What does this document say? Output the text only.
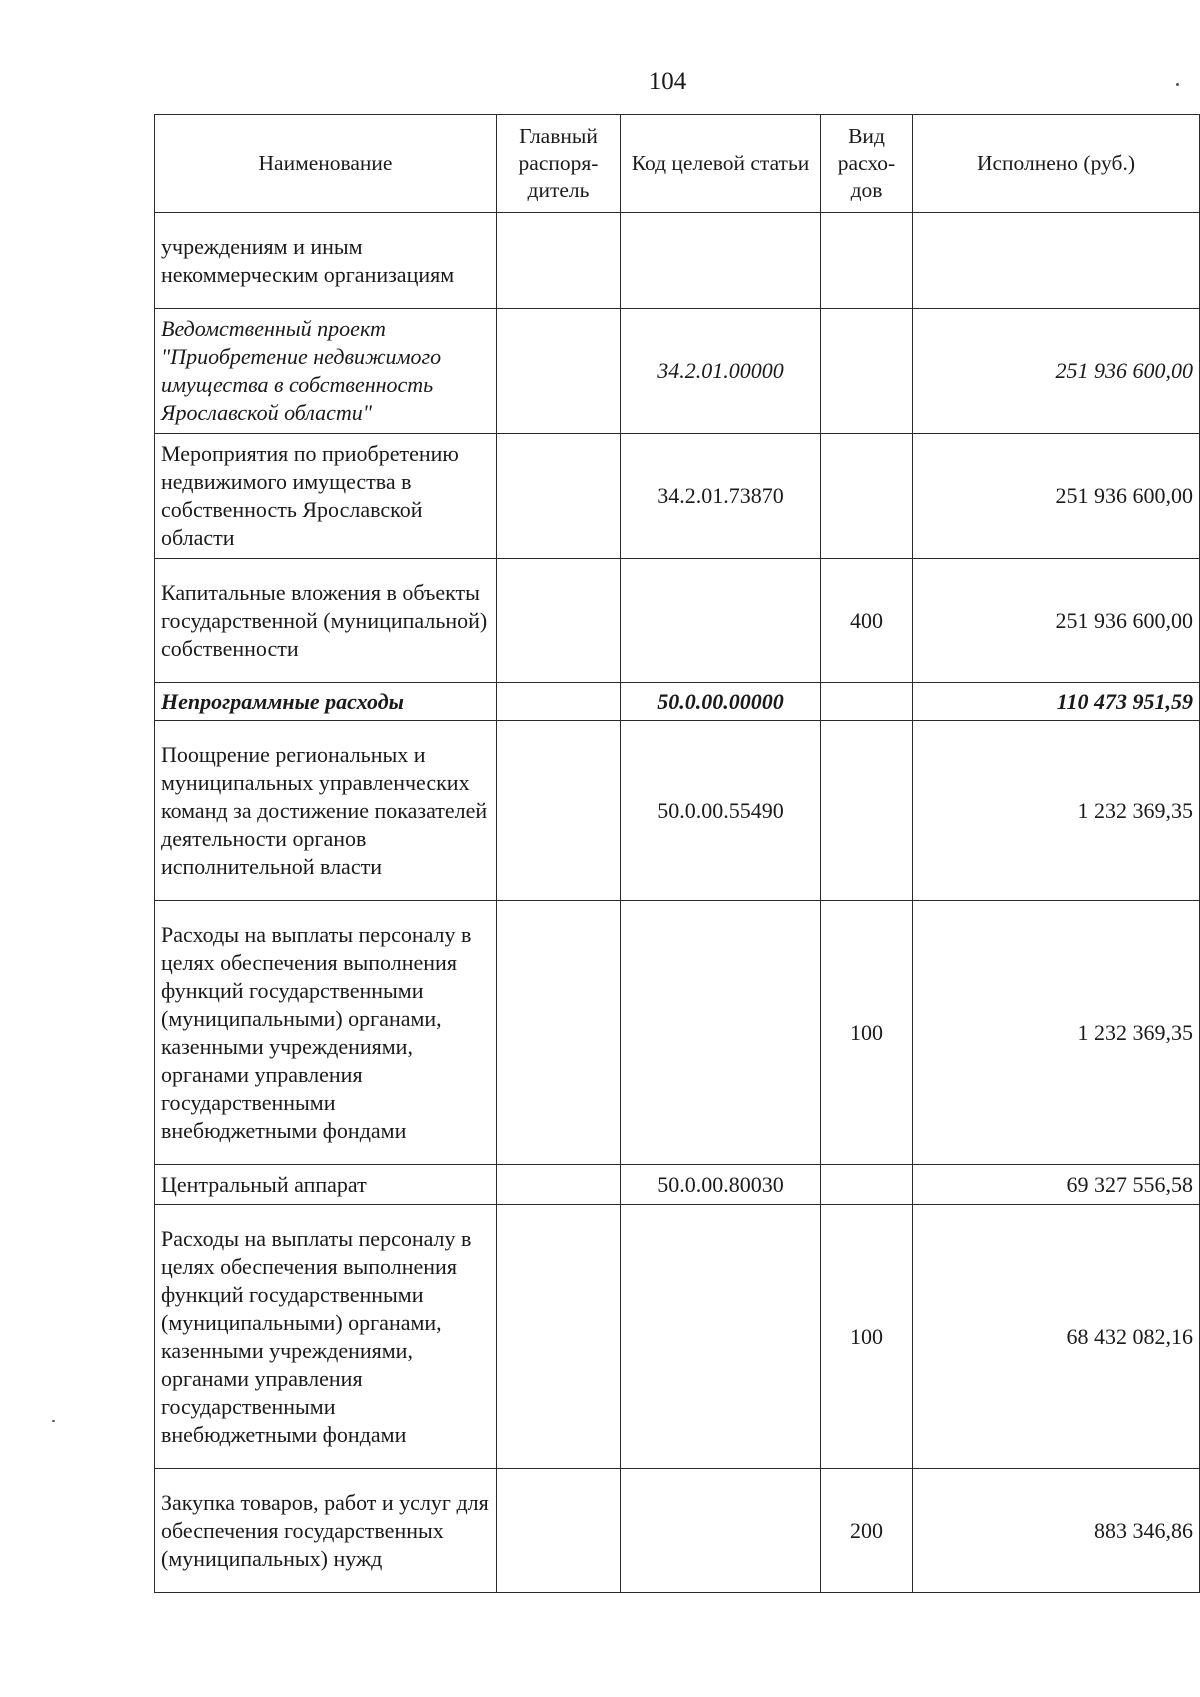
104
Наименование	Главный распоря-дитель	Код целевой статьи	Вид расхо-дов	Исполнено (руб.)
учреждениям и иным некоммерческим организациям				
Ведомственный проект "Приобретение недвижимого имущества в собственность Ярославской области"		34.2.01.00000		251 936 600,00
Мероприятия по приобретению недвижимого имущества в собственность Ярославской области		34.2.01.73870		251 936 600,00
Капитальные вложения в объекты государственной (муниципальной) собственности			400	251 936 600,00
Непрограммные расходы		50.0.00.00000		110 473 951,59
Поощрение региональных и муниципальных управленческих команд за достижение показателей деятельности органов исполнительной власти		50.0.00.55490		1 232 369,35
Расходы на выплаты персоналу в целях обеспечения выполнения функций государственными (муниципальными) органами, казенными учреждениями, органами управления государственными внебюджетными фондами			100	1 232 369,35
Центральный аппарат		50.0.00.80030		69 327 556,58
Расходы на выплаты персоналу в целях обеспечения выполнения функций государственными (муниципальными) органами, казенными учреждениями, органами управления государственными внебюджетными фондами			100	68 432 082,16
Закупка товаров, работ и услуг для обеспечения государственных (муниципальных) нужд			200	883 346,86
